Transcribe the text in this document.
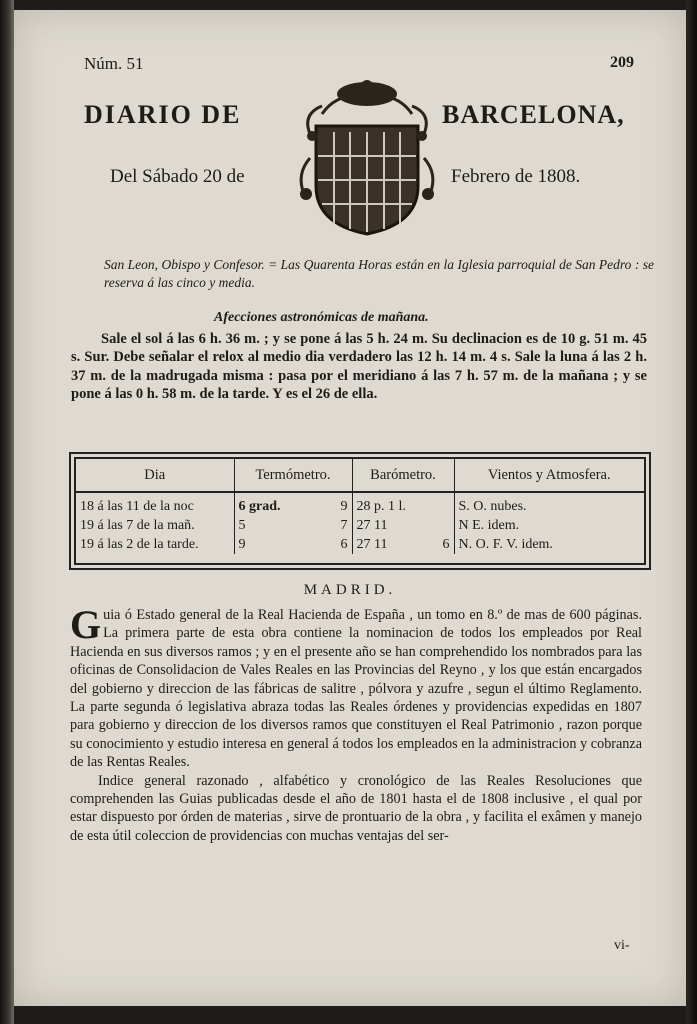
Núm. 51	209
DIARIO DE	BARCELONA,
Del Sábado 20 de	Febrero de 1808.
San Leon, Obispo y Confesor. = Las Quarenta Horas están en la Iglesia parroquial de San Pedro : se reserva á las cinco y media.
Afecciones astronómicas de mañana.
Sale el sol á las 6 h. 36 m. ; y se pone á las 5 h. 24 m. Su declinacion es de 10 g. 51 m. 45 s. Sur. Debe señalar el relox al medio dia verdadero las 12 h. 14 m. 4 s. Sale la luna á las 2 h. 37 m. de la madrugada misma : pasa por el meridiano á las 7 h. 57 m. de la mañana ; y se pone á las 0 h. 58 m. de la tarde. Y es el 26 de ella.
Dia	Termómetro.	Barómetro.	Vientos y Atmosfera.
18 á las 11 de la noc	6 grad. 9	28 p. 1 l.	S. O. nubes.
19 á las 7 de la mañ.	5 7	27 11	N E. idem.
19 á las 2 de la tarde.	9 6	27 11 6	N. O. F. V. idem.
MADRID.

Guia ó Estado general de la Real Hacienda de España , un tomo en 8.º de mas de 600 páginas. La primera parte de esta obra contiene la nominacion de todos los empleados por Real Hacienda en sus diversos ramos ; y en el presente año se han comprehendido los nombrados para las oficinas de Consolidacion de Vales Reales en las Provincias del Reyno , y los que están encargados del gobierno y direccion de las fábricas de salitre , pólvora y azufre , segun el último Reglamento. La parte segunda ó legislativa abraza todas las Reales órdenes y providencias expedidas en 1807 para gobierno y direccion de los diversos ramos que constituyen el Real Patrimonio , razon porque su conocimiento y estudio interesa en general á todos los empleados en la administracion y cobranza de las Rentas Reales.

Indice general razonado , alfabético y cronológico de las Reales Resoluciones que comprehenden las Guias publicadas desde el año de 1801 hasta el de 1808 inclusive , el qual por estar dispuesto por órden de materias , sirve de prontuario de la obra , y facilita el exâmen y manejo de esta útil coleccion de providencias con muchas ventajas del ser-

vi-
